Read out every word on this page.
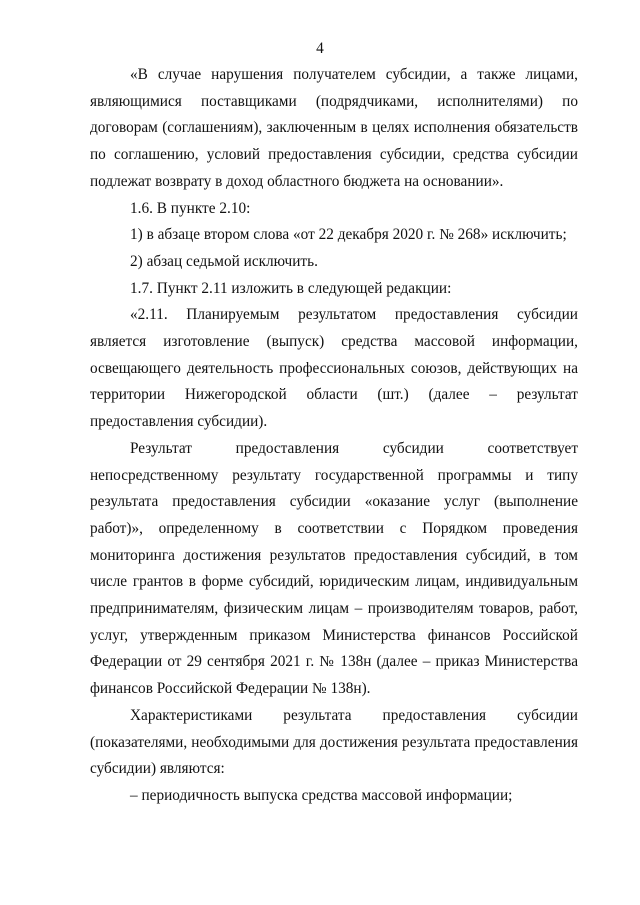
4

«В случае нарушения получателем субсидии, а также лицами, являющимися поставщиками (подрядчиками, исполнителями) по договорам (соглашениям), заключенным в целях исполнения обязательств по соглашению, условий предоставления субсидии, средства субсидии подлежат возврату в доход областного бюджета на основании».

1.6. В пункте 2.10:

1) в абзаце втором слова «от 22 декабря 2020 г. № 268» исключить;

2) абзац седьмой исключить.

1.7. Пункт 2.11 изложить в следующей редакции:

«2.11. Планируемым результатом предоставления субсидии является изготовление (выпуск) средства массовой информации, освещающего деятельность профессиональных союзов, действующих на территории Нижегородской области (шт.) (далее – результат предоставления субсидии).

Результат предоставления субсидии соответствует непосредственному результату государственной программы и типу результата предоставления субсидии «оказание услуг (выполнение работ)», определенному в соответствии с Порядком проведения мониторинга достижения результатов предоставления субсидий, в том числе грантов в форме субсидий, юридическим лицам, индивидуальным предпринимателям, физическим лицам – производителям товаров, работ, услуг, утвержденным приказом Министерства финансов Российской Федерации от 29 сентября 2021 г. № 138н (далее – приказ Министерства финансов Российской Федерации № 138н).

Характеристиками результата предоставления субсидии (показателями, необходимыми для достижения результата предоставления субсидии) являются:

– периодичность выпуска средства массовой информации;
